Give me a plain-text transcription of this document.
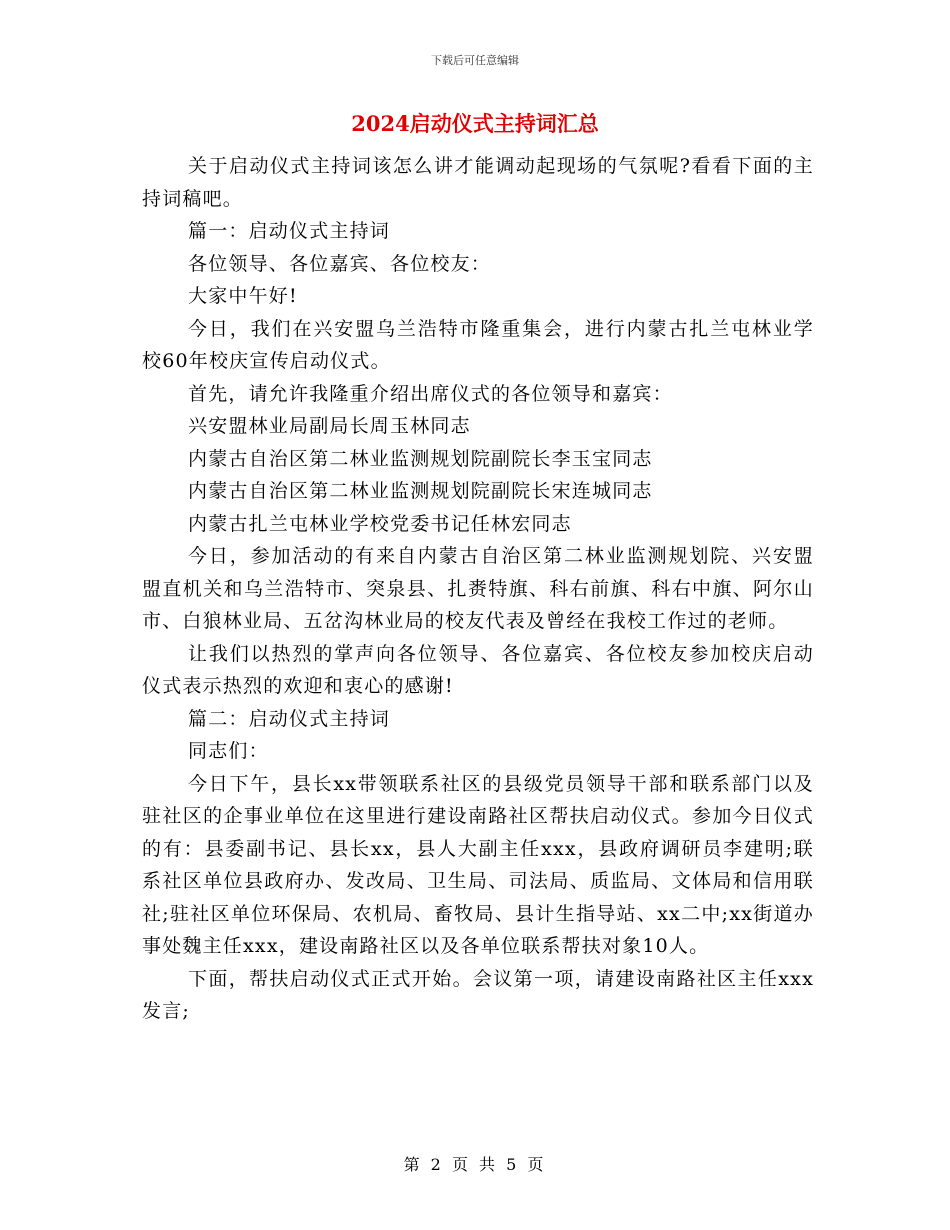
下载后可任意编辑
2024启动仪式主持词汇总

关于启动仪式主持词该怎么讲才能调动起现场的气氛呢?看看下面的主持词稿吧。

篇一：启动仪式主持词

各位领导、各位嘉宾、各位校友：

大家中午好!

今日，我们在兴安盟乌兰浩特市隆重集会，进行内蒙古扎兰屯林业学校60年校庆宣传启动仪式。

首先，请允许我隆重介绍出席仪式的各位领导和嘉宾：

兴安盟林业局副局长周玉林同志

内蒙古自治区第二林业监测规划院副院长李玉宝同志

内蒙古自治区第二林业监测规划院副院长宋连城同志

内蒙古扎兰屯林业学校党委书记任林宏同志

今日，参加活动的有来自内蒙古自治区第二林业监测规划院、兴安盟盟直机关和乌兰浩特市、突泉县、扎赉特旗、科右前旗、科右中旗、阿尔山市、白狼林业局、五岔沟林业局的校友代表及曾经在我校工作过的老师。

让我们以热烈的掌声向各位领导、各位嘉宾、各位校友参加校庆启动仪式表示热烈的欢迎和衷心的感谢!

篇二：启动仪式主持词

同志们：

今日下午，县长xx带领联系社区的县级党员领导干部和联系部门以及驻社区的企事业单位在这里进行建设南路社区帮扶启动仪式。参加今日仪式的有：县委副书记、县长xx，县人大副主任xxx，县政府调研员李建明;联系社区单位县政府办、发改局、卫生局、司法局、质监局、文体局和信用联社;驻社区单位环保局、农机局、畜牧局、县计生指导站、xx二中;xx街道办事处魏主任xxx，建设南路社区以及各单位联系帮扶对象10人。

下面，帮扶启动仪式正式开始。会议第一项，请建设南路社区主任xxx发言;

第 2 页 共 5 页
